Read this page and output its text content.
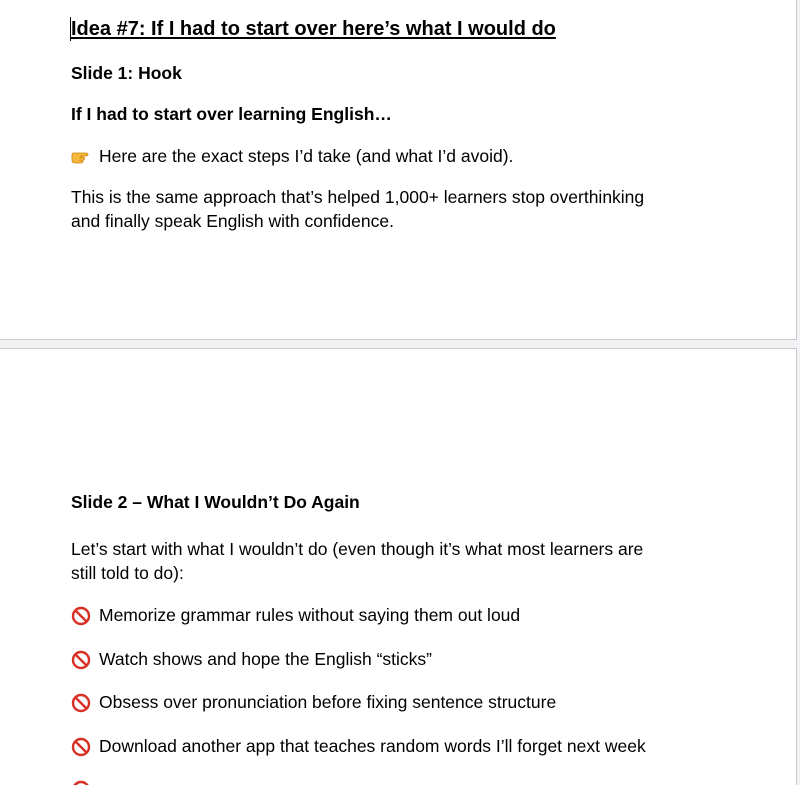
Idea #7: If I had to start over here’s what I would do
Slide 1: Hook
If I had to start over learning English…
Here are the exact steps I’d take (and what I’d avoid).
This is the same approach that’s helped 1,000+ learners stop overthinking
and finally speak English with confidence.
Slide 2 – What I Wouldn’t Do Again
Let’s start with what I wouldn’t do (even though it’s what most learners are
still told to do):
Memorize grammar rules without saying them out loud
Watch shows and hope the English “sticks”
Obsess over pronunciation before fixing sentence structure
Download another app that teaches random words I’ll forget next week
